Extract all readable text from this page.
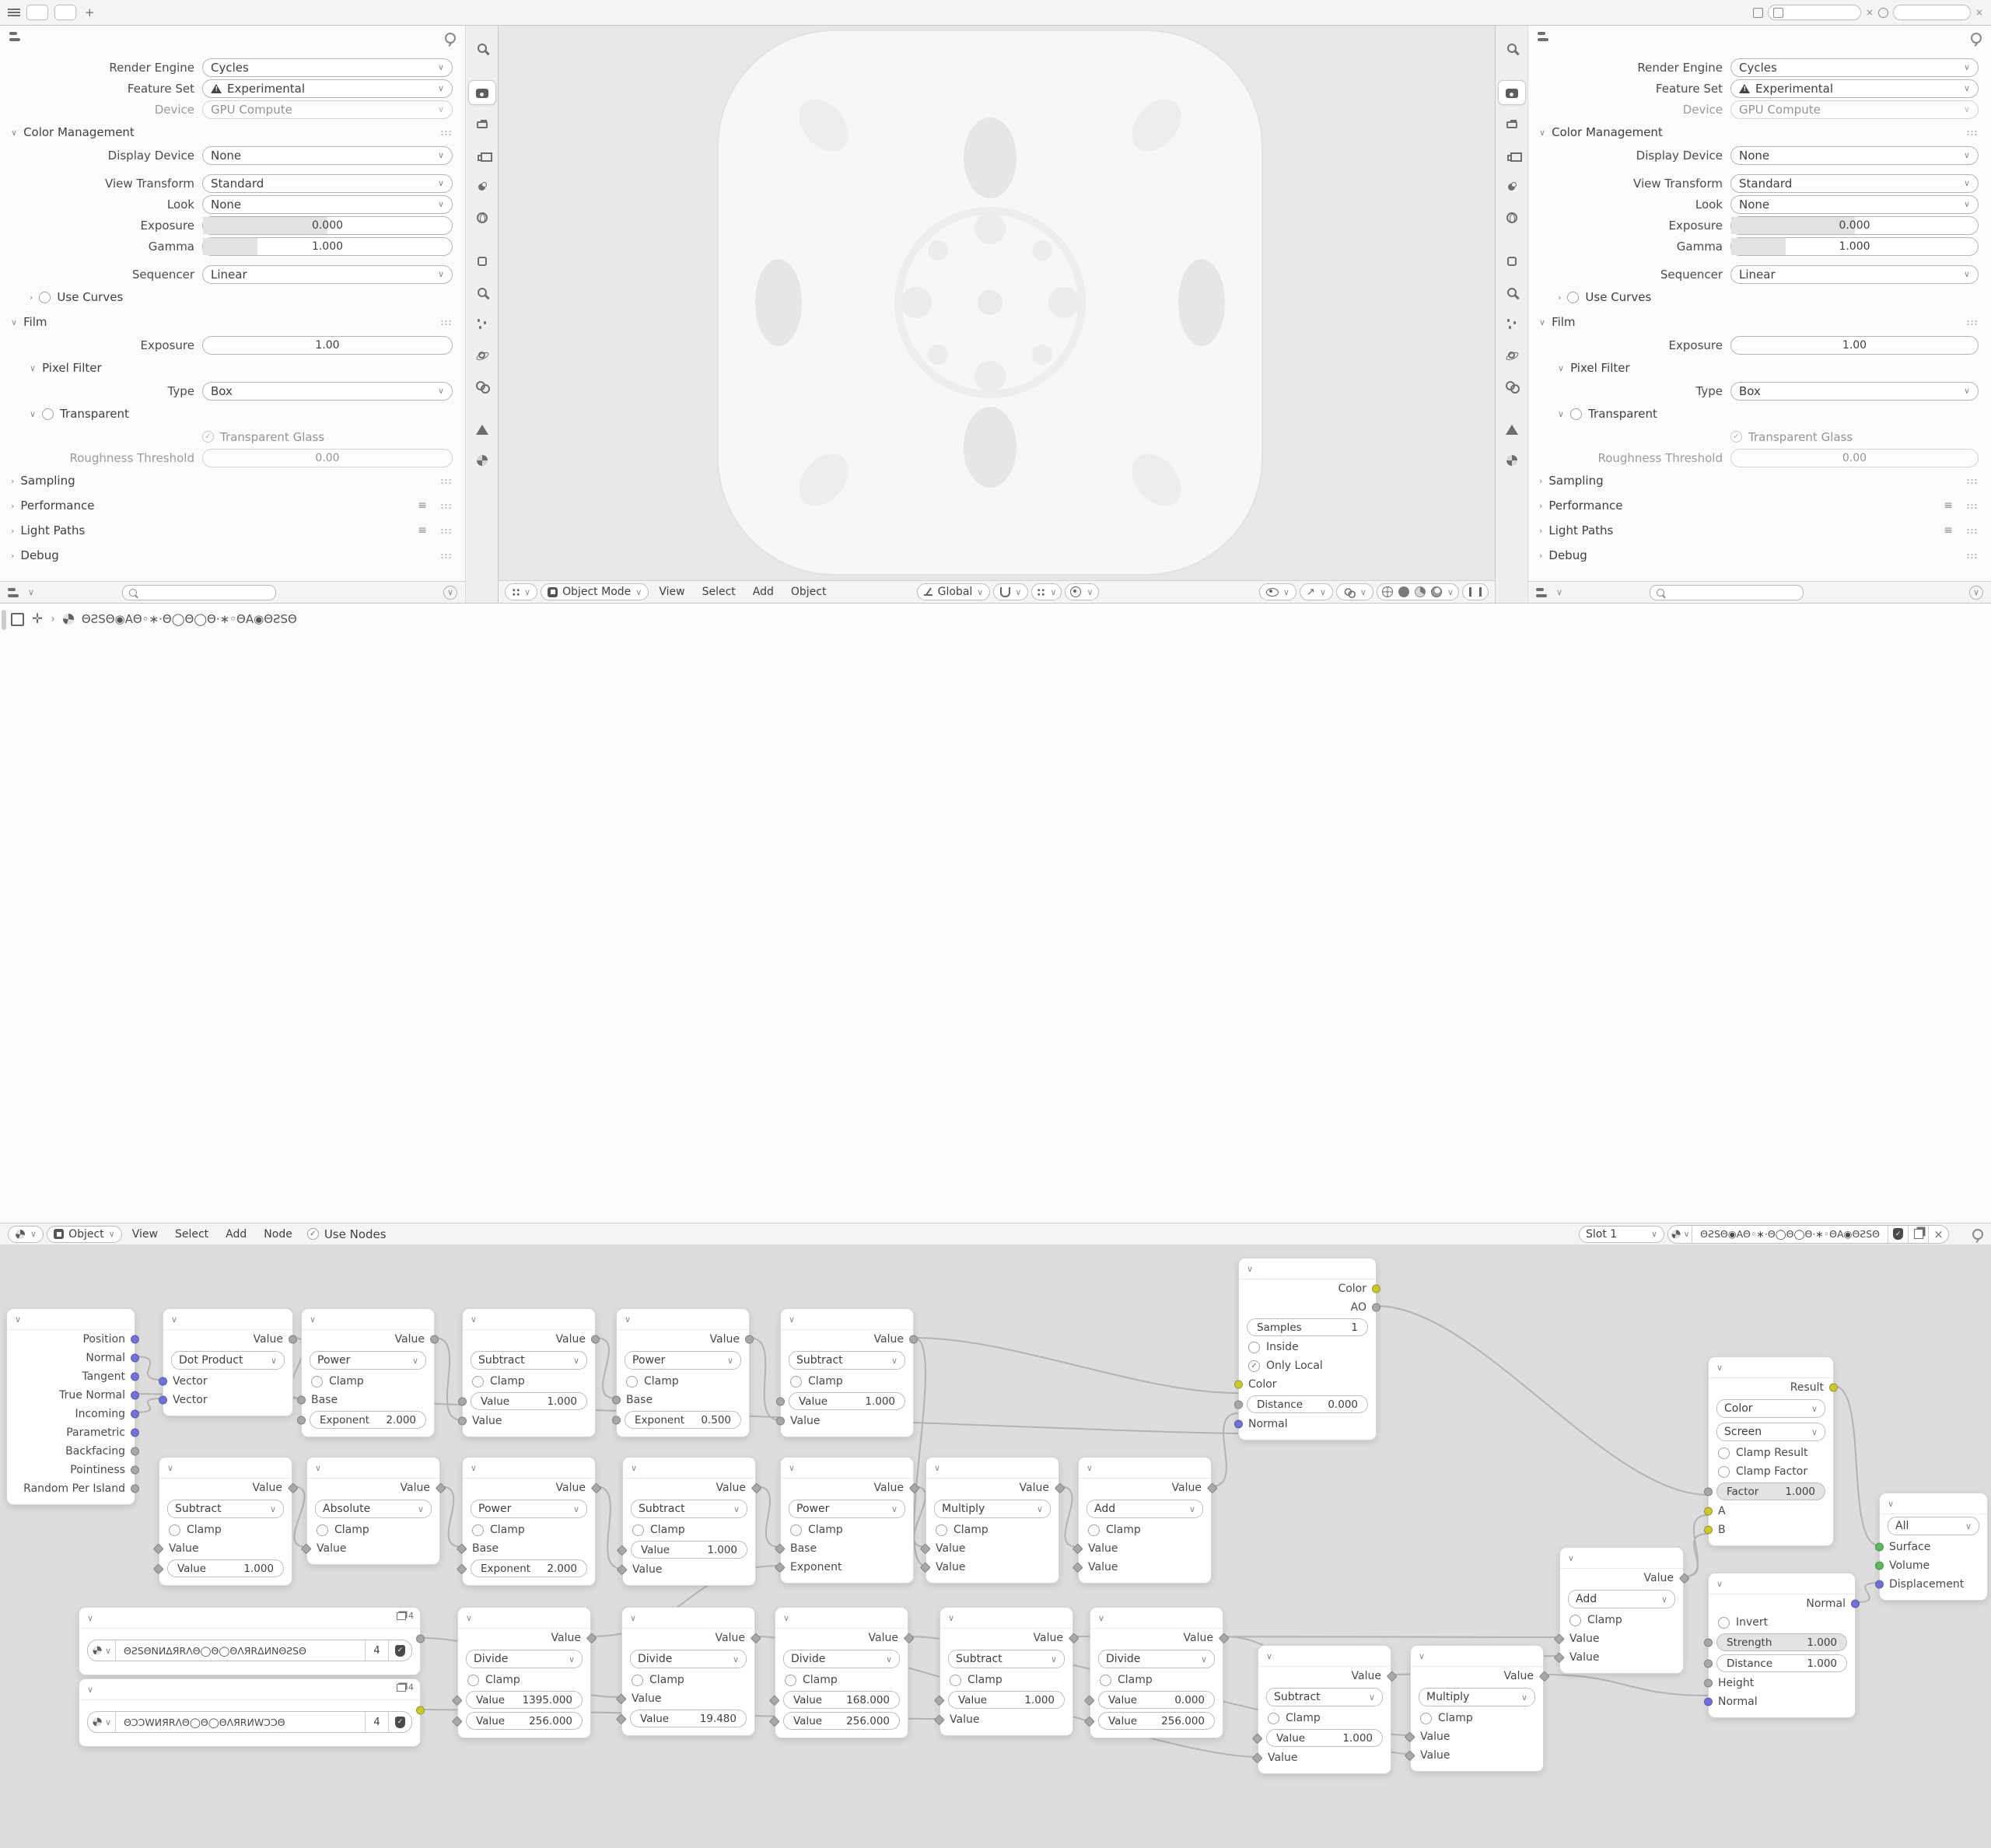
+	×	×
Render Engine	Cycles	∨
Feature Set !	Experimental	∨
Device	GPU Compute	∨
∨ Color Management
Display Device	None	∨
View Transform	Standard	∨
Look	None	∨
Exposure	0.000
Gamma	1.000
Sequencer	Linear	∨
› Use Curves
∨ Film
Exposure	1.00
∨ Pixel Filter
Type	Box	∨
∨ Transparent
✓ Transparent Glass
Roughness Threshold	0.00
› Sampling
› Performance	≡
› Light Paths	≡
› Debug
∨	∨	∨	Object Mode ∨	View	Select	Add	Object	Global ∨	∨	∨	∨	∨ ↗ ∨	∨	∨
Render Engine	Cycles	∨
Feature Set !	Experimental	∨
Device	GPU Compute	∨
∨ Color Management
Display Device	None	∨
View Transform	Standard	∨
Look	None	∨
Exposure	0.000
Gamma	1.000
Sequencer	Linear	∨
› Use Curves
∨ Film
Exposure	1.00
∨ Pixel Filter
Type	Box	∨
∨ Transparent
✓ Transparent Glass
Roughness Threshold	0.00
› Sampling
› Performance	≡
› Light Paths	≡
› Debug
∨	∨
✛ › ΘƧSΘ◉AΘ◦∗·Θ◯Θ◯Θ·∗◦ΘA◉ΘƧSΘ
∨
Position
Normal
Tangent
True Normal
Incoming
Parametric
Backfacing
Pointiness
Random Per Island
∨
Value
Dot Product	∨
Vector
Vector
∨
Value
Power	∨
Clamp
Base
Exponent 2.000
∨
Value
Subtract	∨
Clamp
Value	1.000
Value
∨
Value
Power	∨
Clamp
Base
Exponent 0.500
∨
Value
Subtract	∨
Clamp
Value	1.000
Value
∨
Value
Subtract	∨
Clamp
Value
Value	1.000
∨
Value
Absolute	∨
Clamp
Value
∨
Value
Power	∨
Clamp
Base
Exponent 2.000
∨
Value
Subtract	∨
Clamp
Value	1.000
Value
∨
Value
Power	∨
Clamp
Base
Exponent
∨
Value
Multiply	∨
Clamp
Value
Value
∨
Value
Add	∨
Clamp
Value
Value
∨	4
∨	ΘƧSΘNИΔЯRΛΘ◯Θ◯ΘΛЯRΔИNΘƧSΘ	4	✓
∨	4
∨	ΘƆƆWИЯRΛΘ◯Θ◯ΘΛЯRИWƆƆΘ	4	✓
∨
Value
Divide	∨
Clamp
Value 1395.000
Value 256.000
∨
Value
Divide	∨
Clamp
Value
Value	19.480
∨
Value
Divide	∨
Clamp
Value 168.000
Value 256.000
∨
Value
Subtract	∨
Clamp
Value	1.000
Value
∨
Value
Divide	∨
Clamp
Value	0.000
Value 256.000
∨
Value
Subtract	∨
Clamp
Value	1.000
Value
∨
Value
Multiply	∨
Clamp
Value
Value
∨
Value
Add	∨
Clamp
Value
Value
∨
Color
AO
Samples	1
Inside
✓ Only Local
Color
Distance 0.000
Normal
∨
Result
Color	∨
Screen	∨
Clamp Result
Clamp Factor
Factor	1.000
A
B
∨
Normal
Invert
Strength	1.000
Distance	1.000
Height
Normal
∨
All	∨
Surface
Volume
Displacement
∨	Object ∨	View	Select	Add	Node	✓ Use Nodes	Slot 1	∨	∨	ΘƧSΘ◉AΘ◦∗·Θ◯Θ◯Θ·∗◦ΘA◉ΘƧSΘ	✓	×
